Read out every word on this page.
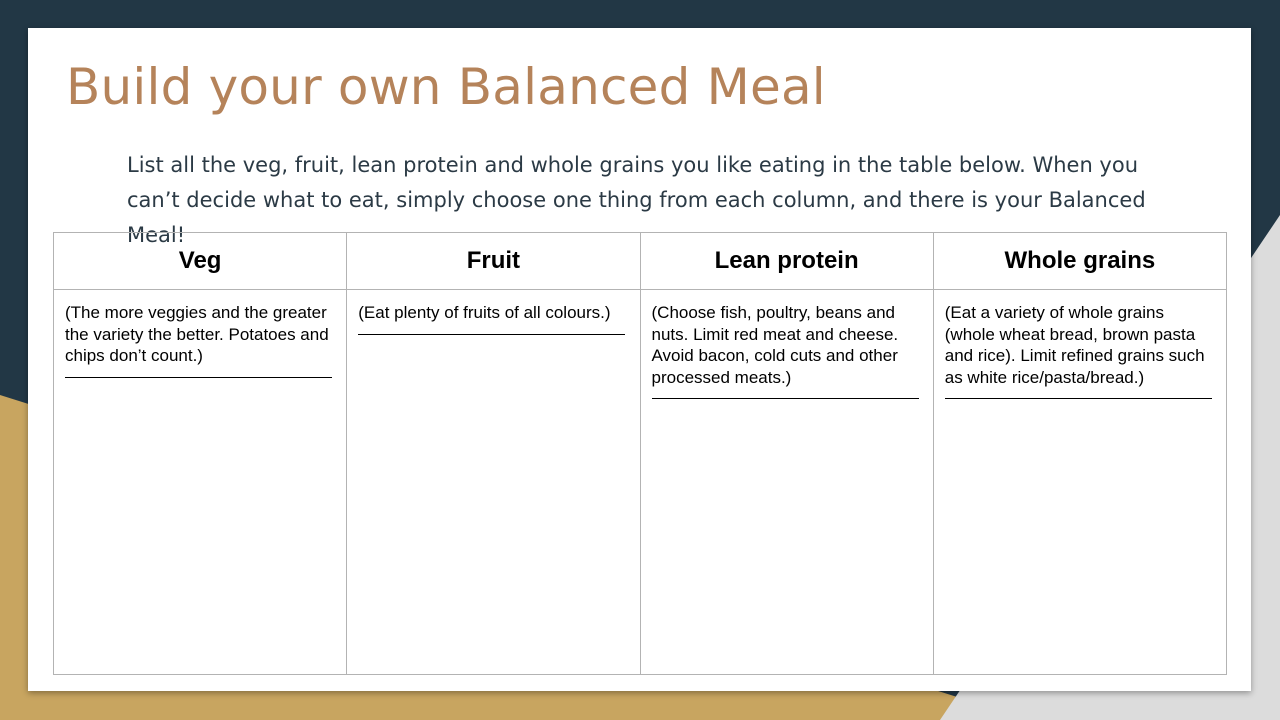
Build your own Balanced Meal
List all the veg, fruit, lean protein and whole grains you like eating in the table below. When you can’t decide what to eat, simply choose one thing from each column, and there is your Balanced Meal!
Veg	Fruit	Lean protein	Whole grains
(The more veggies and the greater the variety the better. Potatoes and chips don’t count.)	(Eat plenty of fruits of all colours.)	(Choose fish, poultry, beans and nuts. Limit red meat and cheese. Avoid bacon, cold cuts and other processed meats.)	(Eat a variety of whole grains (whole wheat bread, brown pasta and rice). Limit refined grains such as white rice/pasta/bread.)
